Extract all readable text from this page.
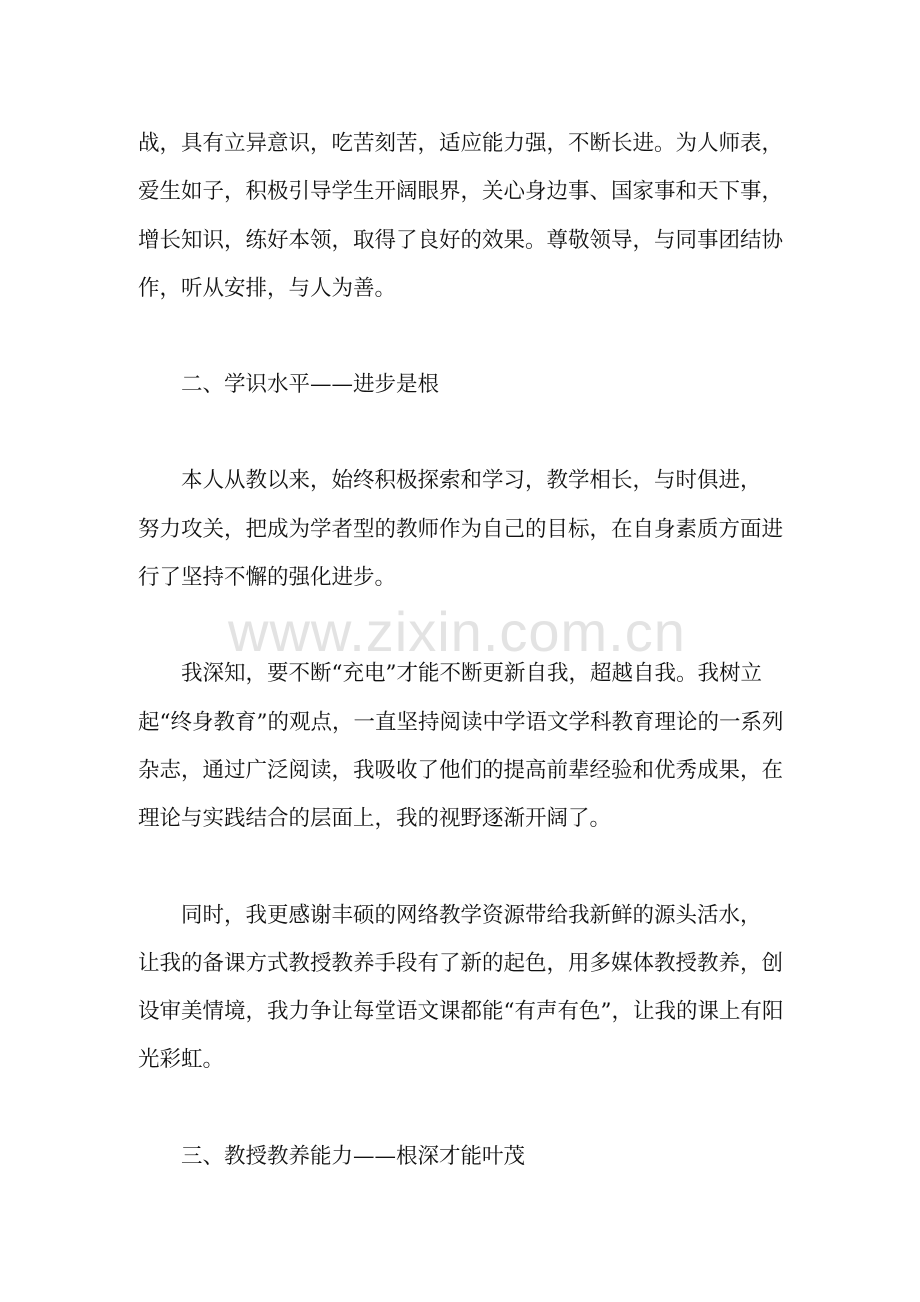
战，具有立异意识，吃苦刻苦，适应能力强，不断长进。为人师表，
爱生如子，积极引导学生开阔眼界，关心身边事、国家事和天下事，
增长知识，练好本领，取得了良好的效果。尊敬领导，与同事团结协
作，听从安排，与人为善。
二、学识水平——进步是根
本人从教以来，始终积极探索和学习，教学相长，与时俱进，
努力攻关，把成为学者型的教师作为自己的目标，在自身素质方面进
行了坚持不懈的强化进步。
我深知，要不断“充电”才能不断更新自我，超越自我。我树立
起“终身教育”的观点，一直坚持阅读中学语文学科教育理论的一系列
杂志，通过广泛阅读，我吸收了他们的提高前辈经验和优秀成果，在
理论与实践结合的层面上，我的视野逐渐开阔了。
同时，我更感谢丰硕的网络教学资源带给我新鲜的源头活水，
让我的备课方式教授教养手段有了新的起色，用多媒体教授教养，创
设审美情境，我力争让每堂语文课都能“有声有色”，让我的课上有阳
光彩虹。
三、教授教养能力——根深才能叶茂
www.zixin.com.cn
